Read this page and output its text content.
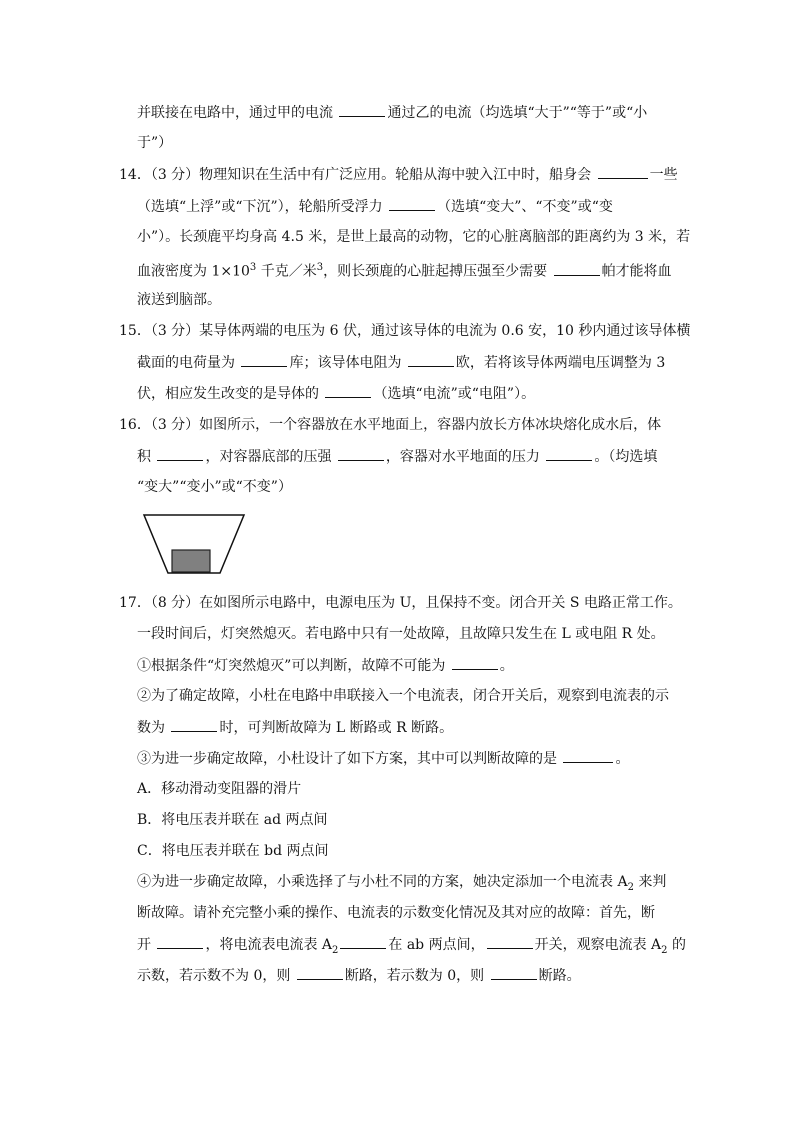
并联接在电路中，通过甲的电流	通过乙的电流（均选填“大于”“等于”或“小
于”）
14．（3 分）物理知识在生活中有广泛应用。轮船从海中驶入江中时，船身会	一些
（选填“上浮”或“下沉”），轮船所受浮力	（选填“变大”、“不变”或“变
小”）。长颈鹿平均身高 4.5 米，是世上最高的动物，它的心脏离脑部的距离约为 3 米，若
血液密度为 $1\times 10^3$ 千克／米$^3$，则长颈鹿的心脏起搏压强至少需要	帕才能将血
液送到脑部。
15．（3 分）某导体两端的电压为 6 伏，通过该导体的电流为 0.6 安，10 秒内通过该导体横
截面的电荷量为	库；该导体电阻为	欧，若将该导体两端电压调整为 3
伏，相应发生改变的是导体的	（选填“电流”或“电阻”）。
16．（3 分）如图所示，一个容器放在水平地面上，容器内放长方体冰块熔化成水后，体
积	，对容器底部的压强	，容器对水平地面的压力	。（均选填
“变大”“变小”或“不变”）
17．（8 分）在如图所示电路中，电源电压为 U，且保持不变。闭合开关 S 电路正常工作。
一段时间后，灯突然熄灭。若电路中只有一处故障，且故障只发生在 L 或电阻 R 处。
①根据条件“灯突然熄灭”可以判断，故障不可能为	。
②为了确定故障，小杜在电路中串联接入一个电流表，闭合开关后，观察到电流表的示
数为	时，可判断故障为 L 断路或 R 断路。
③为进一步确定故障，小杜设计了如下方案，其中可以判断故障的是	。
A．移动滑动变阻器的滑片
B．将电压表并联在 ad 两点间
C．将电压表并联在 bd 两点间
④为进一步确定故障，小乘选择了与小杜不同的方案，她决定添加一个电流表 $A_2$ 来判
断故障。请补充完整小乘的操作、电流表的示数变化情况及其对应的故障：首先，断
开	，将电流表电流表 $A_2$	在 ab 两点间，	开关，观察电流表 $A_2$ 的
示数，若示数不为 0，则	断路，若示数为 0，则	断路。
